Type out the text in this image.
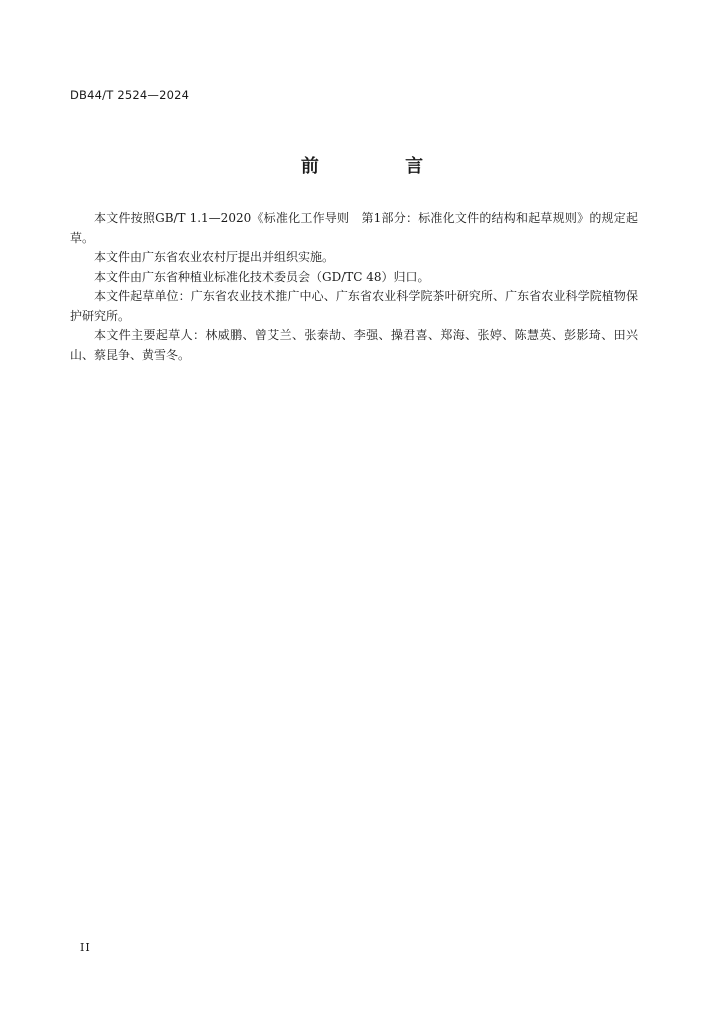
DB44/T 2524—2024
前 言

本文件按照GB/T 1.1—2020《标准化工作导则　第1部分：标准化文件的结构和起草规则》的规定起草。

本文件由广东省农业农村厅提出并组织实施。

本文件由广东省种植业标准化技术委员会（GD/TC 48）归口。

本文件起草单位：广东省农业技术推广中心、广东省农业科学院茶叶研究所、广东省农业科学院植物保护研究所。

本文件主要起草人：林威鹏、曾艾兰、张泰劼、李强、操君喜、郑海、张婷、陈慧英、彭影琦、田兴山、蔡昆争、黄雪冬。

II
